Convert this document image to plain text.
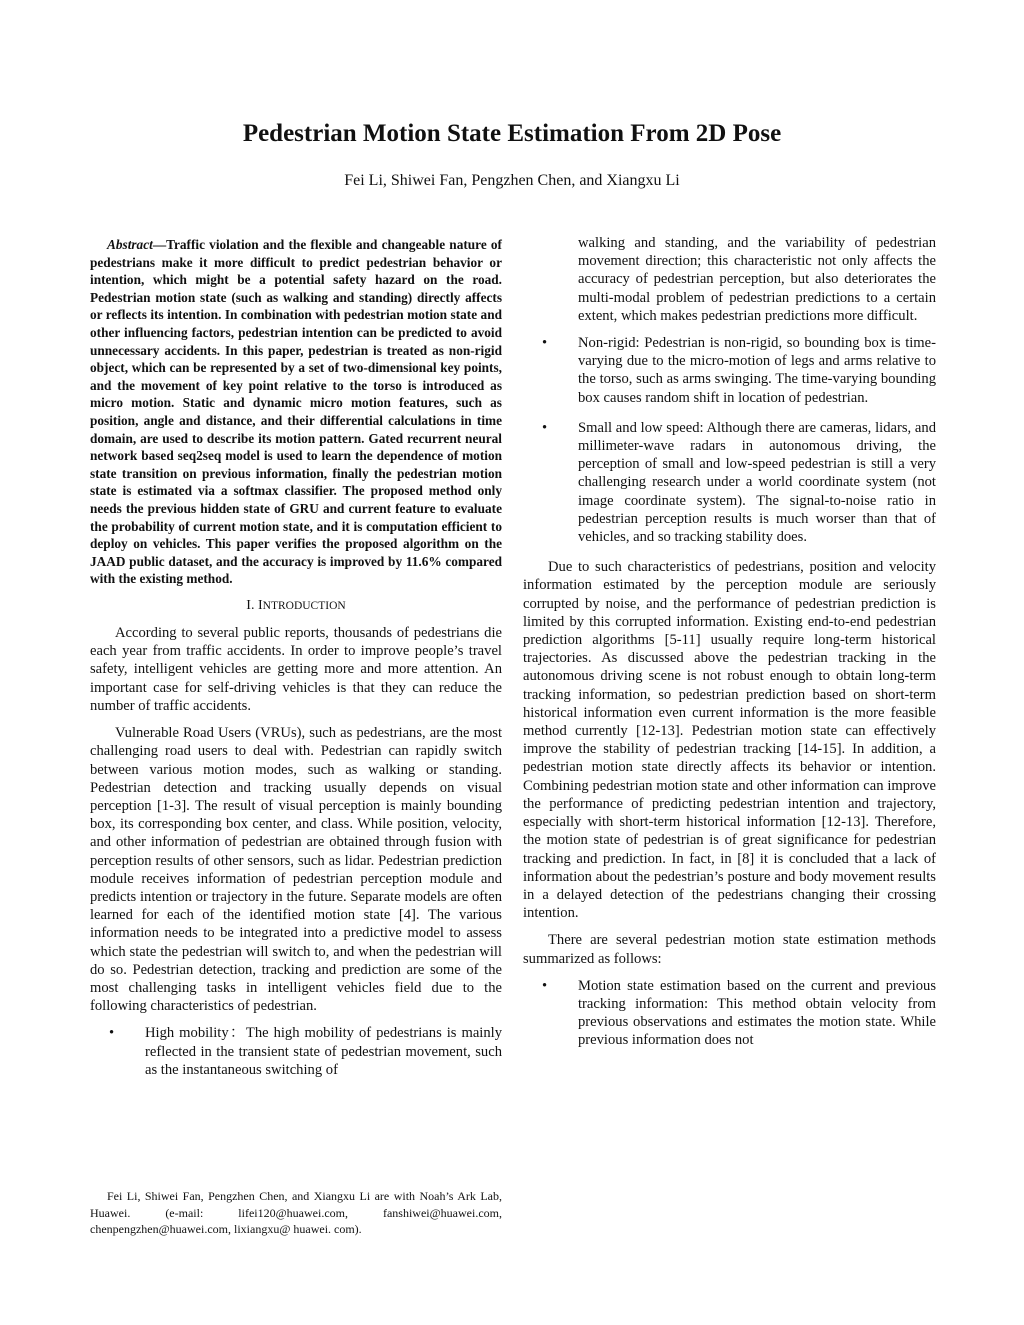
Pedestrian Motion State Estimation From 2D Pose
Fei Li, Shiwei Fan, Pengzhen Chen, and Xiangxu Li

Abstract—Traffic violation and the flexible and changeable nature of pedestrians make it more difficult to predict pedestrian behavior or intention, which might be a potential safety hazard on the road. Pedestrian motion state (such as walking and standing) directly affects or reflects its intention. In combination with pedestrian motion state and other influencing factors, pedestrian intention can be predicted to avoid unnecessary accidents. In this paper, pedestrian is treated as non-rigid object, which can be represented by a set of two-dimensional key points, and the movement of key point relative to the torso is introduced as micro motion. Static and dynamic micro motion features, such as position, angle and distance, and their differential calculations in time domain, are used to describe its motion pattern. Gated recurrent neural network based seq2seq model is used to learn the dependence of motion state transition on previous information, finally the pedestrian motion state is estimated via a softmax classifier. The proposed method only needs the previous hidden state of GRU and current feature to evaluate the probability of current motion state, and it is computation efficient to deploy on vehicles. This paper verifies the proposed algorithm on the JAAD public dataset, and the accuracy is improved by 11.6% compared with the existing method.

I. INTRODUCTION

According to several public reports, thousands of pedestrians die each year from traffic accidents. In order to improve people’s travel safety, intelligent vehicles are getting more and more attention. An important case for self-driving vehicles is that they can reduce the number of traffic accidents.

Vulnerable Road Users (VRUs), such as pedestrians, are the most challenging road users to deal with. Pedestrian can rapidly switch between various motion modes, such as walking or standing. Pedestrian detection and tracking usually depends on visual perception [1-3]. The result of visual perception is mainly bounding box, its corresponding box center, and class. While position, velocity, and other information of pedestrian are obtained through fusion with perception results of other sensors, such as lidar. Pedestrian prediction module receives information of pedestrian perception module and predicts intention or trajectory in the future. Separate models are often learned for each of the identified motion state [4]. The various information needs to be integrated into a predictive model to assess which state the pedestrian will switch to, and when the pedestrian will do so. Pedestrian detection, tracking and prediction are some of the most challenging tasks in intelligent vehicles field due to the following characteristics of pedestrian.

• High mobility：The high mobility of pedestrians is mainly reflected in the transient state of pedestrian movement, such as the instantaneous switching of

walking and standing, and the variability of pedestrian movement direction; this characteristic not only affects the accuracy of pedestrian perception, but also deteriorates the multi-modal problem of pedestrian predictions to a certain extent, which makes pedestrian predictions more difficult.

• Non-rigid: Pedestrian is non-rigid, so bounding box is time-varying due to the micro-motion of legs and arms relative to the torso, such as arms swinging. The time-varying bounding box causes random shift in location of pedestrian.
• Small and low speed: Although there are cameras, lidars, and millimeter-wave radars in autonomous driving, the perception of small and low-speed pedestrian is still a very challenging research under a world coordinate system (not image coordinate system). The signal-to-noise ratio in pedestrian perception results is much worser than that of vehicles, and so tracking stability does.

Due to such characteristics of pedestrians, position and velocity information estimated by the perception module are seriously corrupted by noise, and the performance of pedestrian prediction is limited by this corrupted information. Existing end-to-end pedestrian prediction algorithms [5-11] usually require long-term historical trajectories. As discussed above the pedestrian tracking in the autonomous driving scene is not robust enough to obtain long-term tracking information, so pedestrian prediction based on short-term historical information even current information is the more feasible method currently [12-13]. Pedestrian motion state can effectively improve the stability of pedestrian tracking [14-15]. In addition, a pedestrian motion state directly affects its behavior or intention. Combining pedestrian motion state and other information can improve the performance of predicting pedestrian intention and trajectory, especially with short-term historical information [12-13]. Therefore, the motion state of pedestrian is of great significance for pedestrian tracking and prediction. In fact, in [8] it is concluded that a lack of information about the pedestrian’s posture and body movement results in a delayed detection of the pedestrians changing their crossing intention.

There are several pedestrian motion state estimation methods summarized as follows:

• Motion state estimation based on the current and previous tracking information: This method obtain velocity from previous observations and estimates the motion state. While previous information does not
Fei Li, Shiwei Fan, Pengzhen Chen, and Xiangxu Li are with Noah’s Ark Lab, Huawei. (e-mail: lifei120@huawei.com, fanshiwei@huawei.com, chenpengzhen@huawei.com, lixiangxu@ huawei. com).
